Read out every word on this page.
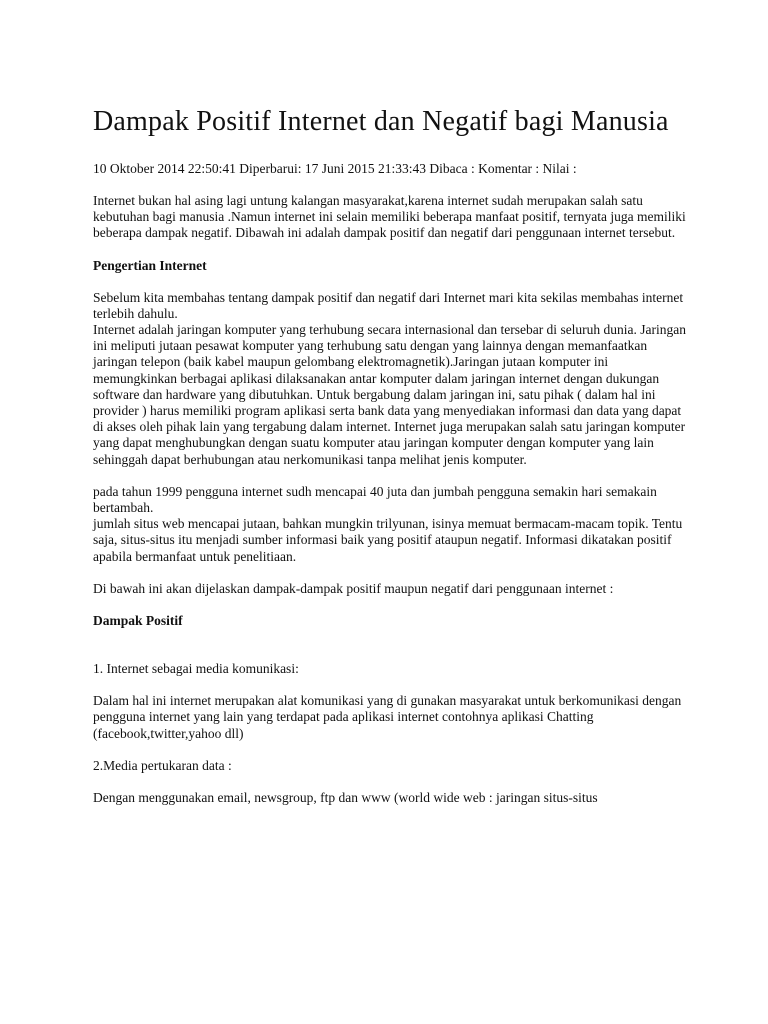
Dampak Positif Internet dan Negatif bagi Manusia

10 Oktober 2014 22:50:41 Diperbarui: 17 Juni 2015 21:33:43 Dibaca : Komentar : Nilai :

Internet bukan hal asing lagi untung kalangan masyarakat,karena internet sudah merupakan salah satu kebutuhan bagi manusia .Namun internet ini selain memiliki beberapa manfaat positif, ternyata juga memiliki beberapa dampak negatif. Dibawah ini adalah dampak positif dan negatif dari penggunaan internet tersebut.

Pengertian Internet

Sebelum kita membahas tentang dampak positif dan negatif dari Internet mari kita sekilas membahas internet terlebih dahulu.

Internet adalah jaringan komputer yang terhubung secara internasional dan tersebar di seluruh dunia. Jaringan ini meliputi jutaan pesawat komputer yang terhubung satu dengan yang lainnya dengan memanfaatkan jaringan telepon (baik kabel maupun gelombang elektromagnetik).Jaringan jutaan komputer ini memungkinkan berbagai aplikasi dilaksanakan antar komputer dalam jaringan internet dengan dukungan software dan hardware yang dibutuhkan. Untuk bergabung dalam jaringan ini, satu pihak ( dalam hal ini provider ) harus memiliki program aplikasi serta bank data yang menyediakan informasi dan data yang dapat di akses oleh pihak lain yang tergabung dalam internet. Internet juga merupakan salah satu jaringan komputer yang dapat menghubungkan dengan suatu komputer atau jaringan komputer dengan komputer yang lain sehinggah dapat berhubungan atau nerkomunikasi tanpa melihat jenis komputer.

pada tahun 1999 pengguna internet sudh mencapai 40 juta dan jumbah pengguna semakin hari semakain bertambah.

jumlah situs web mencapai jutaan, bahkan mungkin trilyunan, isinya memuat bermacam-macam topik. Tentu saja, situs-situs itu menjadi sumber informasi baik yang positif ataupun negatif. Informasi dikatakan positif apabila bermanfaat untuk penelitiaan.

Di bawah ini akan dijelaskan dampak-dampak positif maupun negatif dari penggunaan internet :

Dampak Positif

1. Internet sebagai media komunikasi:

Dalam hal ini internet merupakan alat komunikasi yang di gunakan masyarakat untuk berkomunikasi dengan pengguna internet yang lain yang terdapat pada aplikasi internet contohnya aplikasi Chatting (facebook,twitter,yahoo dll)

2.Media pertukaran data :

Dengan menggunakan email, newsgroup, ftp dan www (world wide web : jaringan situs-situs
